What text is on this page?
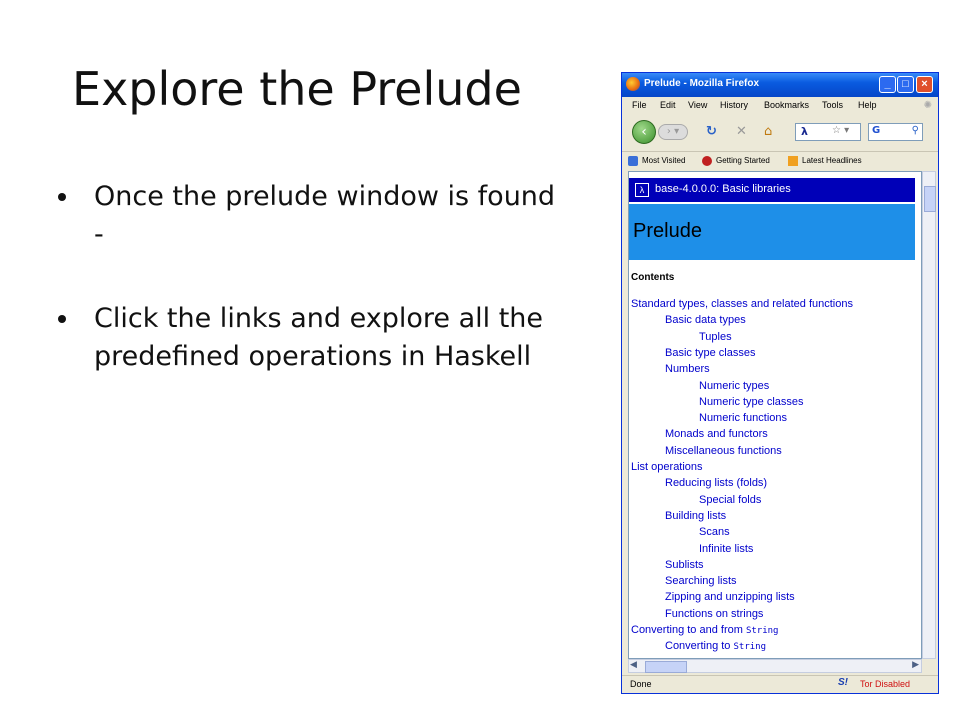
Explore the Prelude
Once the prelude window is found -
Click the links and explore all the predefined operations in Haskell
Prelude - Mozilla Firefox	_	□	×
File Edit View History Bookmarks Tools Help	✺
‹	› ▾	↻ ✕ ⌂	λ ☆ ▾ G	⚲
Most Visited	Getting Started	Latest Headlines
λ base-4.0.0.0: Basic libraries
Prelude
Contents
Standard types, classes and related functions
Basic data types
Tuples
Basic type classes
Numbers
Numeric types
Numeric type classes
Numeric functions
Monads and functors
Miscellaneous functions
List operations
Reducing lists (folds)
Special folds
Building lists
Scans
Infinite lists
Sublists
Searching lists
Zipping and unzipping lists
Functions on strings
Converting to and from String
Converting to String
◀	▶
Done	S! Tor Disabled
